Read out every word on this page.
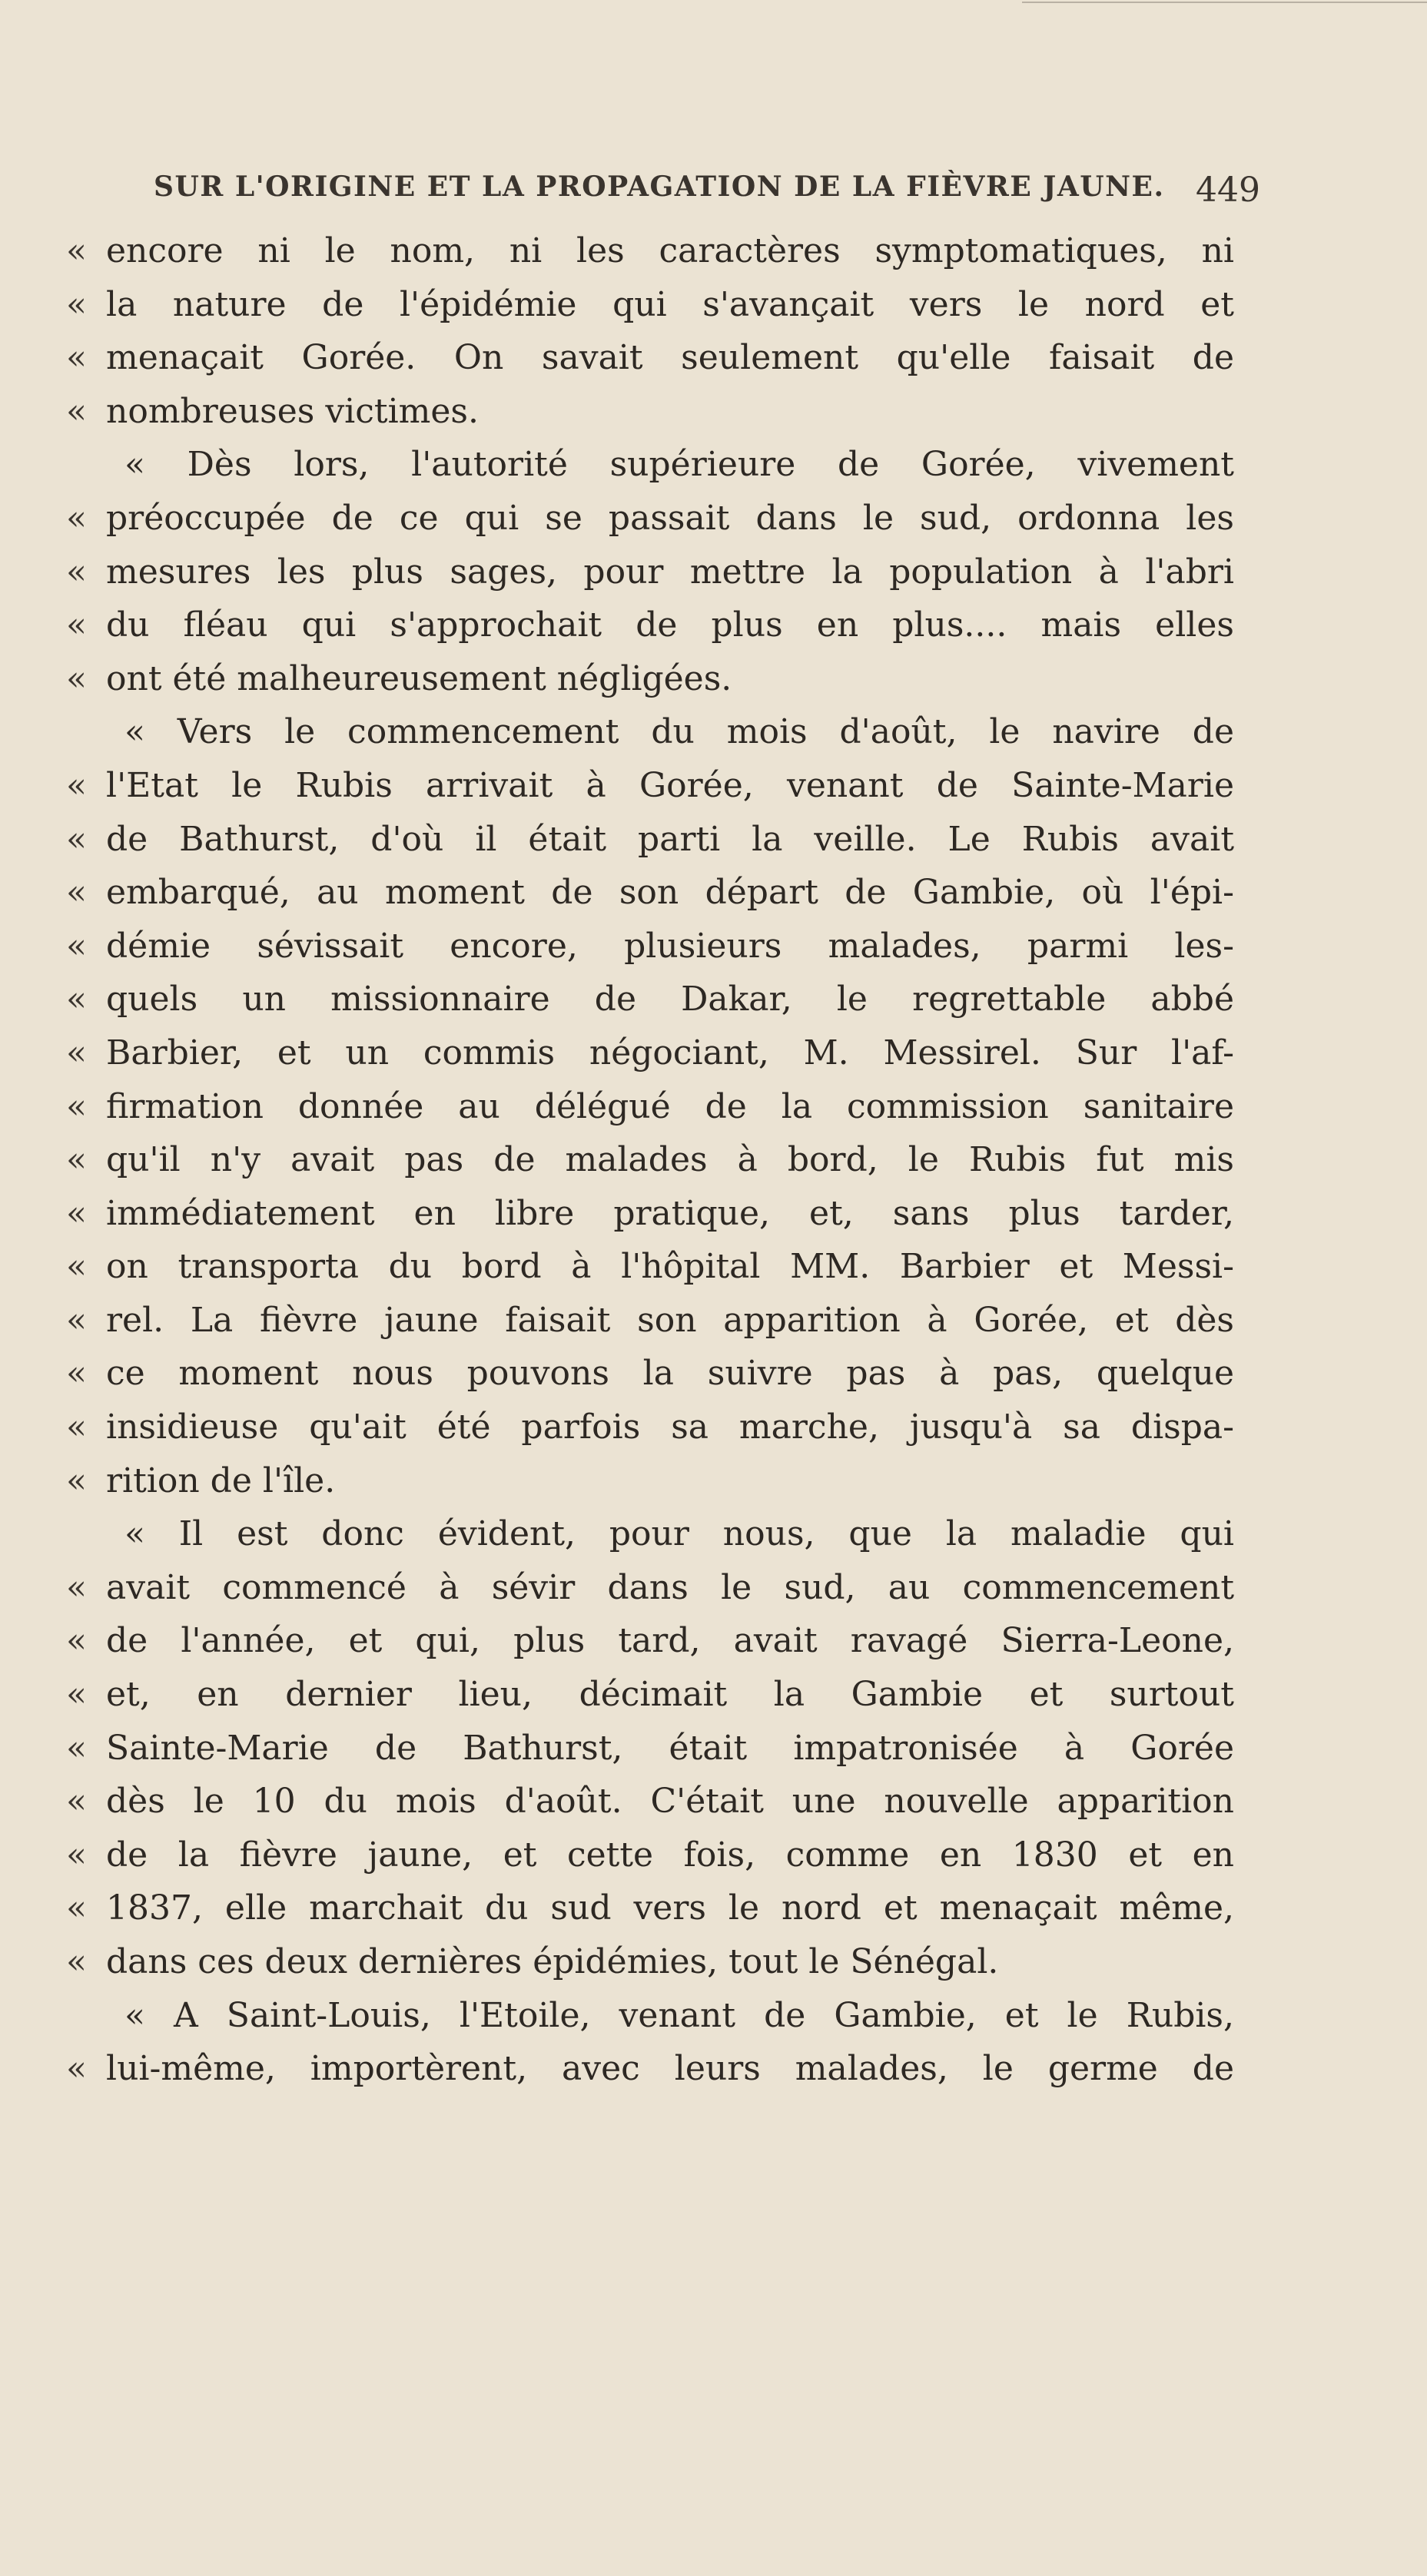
SUR L'ORIGINE ET LA PROPAGATION DE LA FIÈVRE JAUNE. 449
« encore ni le nom, ni les caractères symptomatiques, ni
« la nature de l'épidémie qui s'avançait vers le nord et
« menaçait Gorée. On savait seulement qu'elle faisait de
« nombreuses victimes.
« Dès lors, l'autorité supérieure de Gorée, vivement
« préoccupée de ce qui se passait dans le sud, ordonna les
« mesures les plus sages, pour mettre la population à l'abri
« du fléau qui s'approchait de plus en plus.... mais elles
« ont été malheureusement négligées.
« Vers le commencement du mois d'août, le navire de
« l'Etat le Rubis arrivait à Gorée, venant de Sainte-Marie
« de Bathurst, d'où il était parti la veille. Le Rubis avait
« embarqué, au moment de son départ de Gambie, où l'épi-
« démie sévissait encore, plusieurs malades, parmi les-
« quels un missionnaire de Dakar, le regrettable abbé
« Barbier, et un commis négociant, M. Messirel. Sur l'af-
« firmation donnée au délégué de la commission sanitaire
« qu'il n'y avait pas de malades à bord, le Rubis fut mis
« immédiatement en libre pratique, et, sans plus tarder,
« on transporta du bord à l'hôpital MM. Barbier et Messi-
« rel. La fièvre jaune faisait son apparition à Gorée, et dès
« ce moment nous pouvons la suivre pas à pas, quelque
« insidieuse qu'ait été parfois sa marche, jusqu'à sa dispa-
« rition de l'île.
« Il est donc évident, pour nous, que la maladie qui
« avait commencé à sévir dans le sud, au commencement
« de l'année, et qui, plus tard, avait ravagé Sierra-Leone,
« et, en dernier lieu, décimait la Gambie et surtout
« Sainte-Marie de Bathurst, était impatronisée à Gorée
« dès le 10 du mois d'août. C'était une nouvelle apparition
« de la fièvre jaune, et cette fois, comme en 1830 et en
« 1837, elle marchait du sud vers le nord et menaçait même,
« dans ces deux dernières épidémies, tout le Sénégal.
« A Saint-Louis, l'Etoile, venant de Gambie, et le Rubis,
« lui-même, importèrent, avec leurs malades, le germe de
